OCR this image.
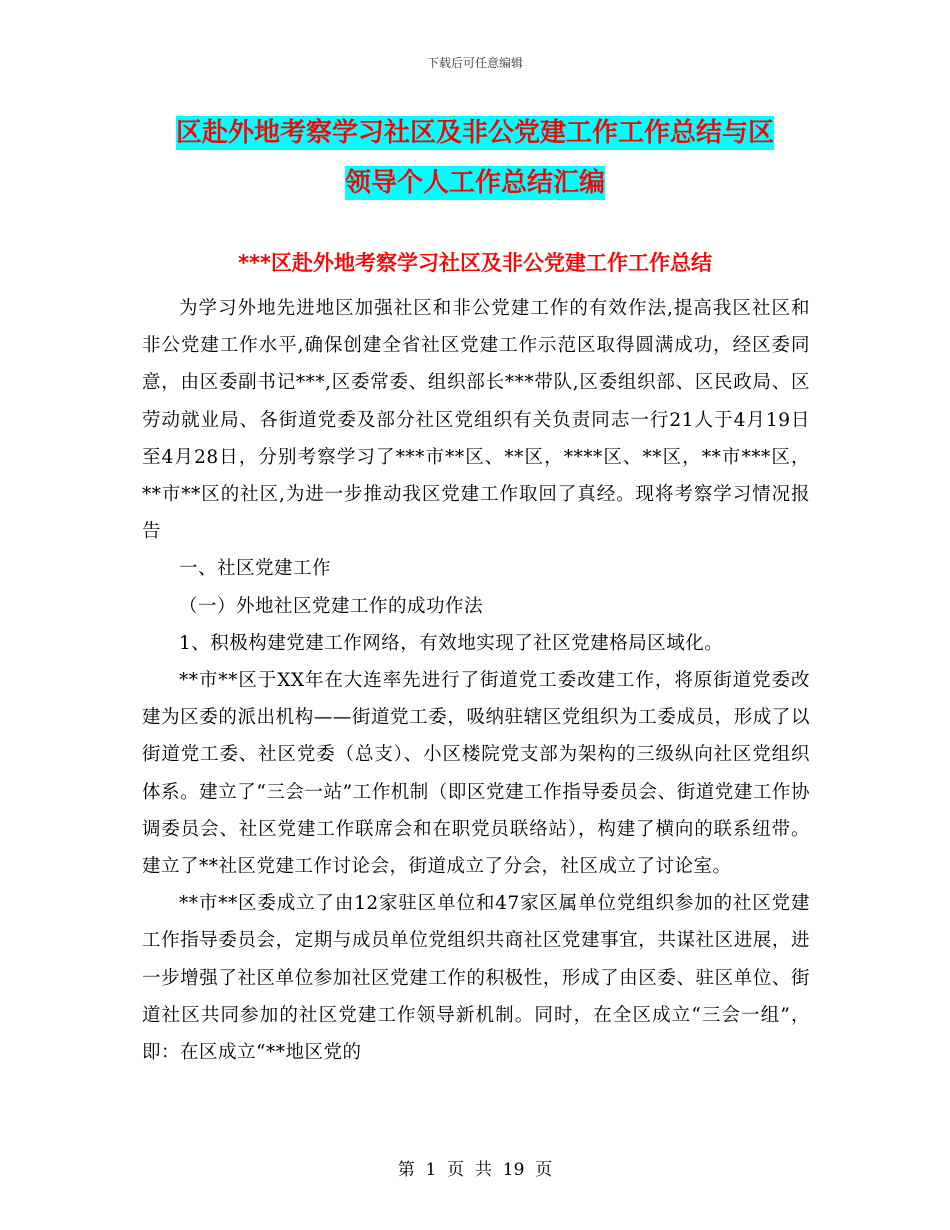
下载后可任意编辑
区赴外地考察学习社区及非公党建工作工作总结与区
领导个人工作总结汇编
***区赴外地考察学习社区及非公党建工作工作总结

为学习外地先进地区加强社区和非公党建工作的有效作法,提高我区社区和非公党建工作水平,确保创建全省社区党建工作示范区取得圆满成功，经区委同意，由区委副书记***,区委常委、组织部长***带队,区委组织部、区民政局、区劳动就业局、各街道党委及部分社区党组织有关负责同志一行21人于4月19日至4月28日，分别考察学习了***市**区、**区，****区、**区，**市***区，**市**区的社区,为进一步推动我区党建工作取回了真经。现将考察学习情况报告

一、社区党建工作

（一）外地社区党建工作的成功作法

1、积极构建党建工作网络，有效地实现了社区党建格局区域化。

**市**区于XX年在大连率先进行了街道党工委改建工作，将原街道党委改建为区委的派出机构——街道党工委，吸纳驻辖区党组织为工委成员，形成了以街道党工委、社区党委（总支）、小区楼院党支部为架构的三级纵向社区党组织体系。建立了“三会一站”工作机制（即区党建工作指导委员会、街道党建工作协调委员会、社区党建工作联席会和在职党员联络站），构建了横向的联系纽带。建立了**社区党建工作讨论会，街道成立了分会，社区成立了讨论室。

**市**区委成立了由12家驻区单位和47家区属单位党组织参加的社区党建工作指导委员会，定期与成员单位党组织共商社区党建事宜，共谋社区进展，进一步增强了社区单位参加社区党建工作的积极性，形成了由区委、驻区单位、街道社区共同参加的社区党建工作领导新机制。同时，在全区成立“三会一组”，即：在区成立“**地区党的

第  1  页  共  19  页
